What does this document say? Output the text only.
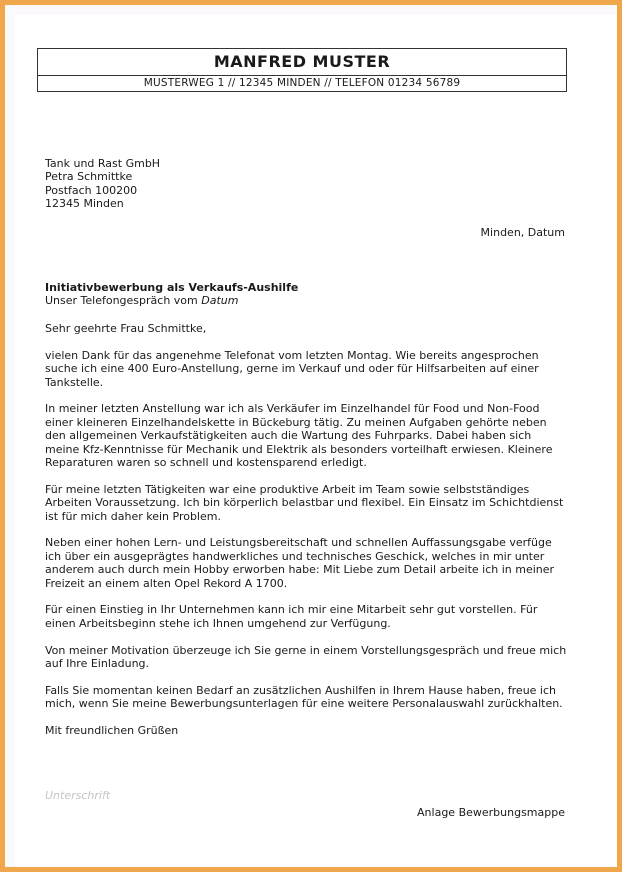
MANFRED MUSTER
MUSTERWEG 1 // 12345 MINDEN // TELEFON 01234 56789
Tank und Rast GmbH
Petra Schmittke
Postfach 100200
12345 Minden
Minden, Datum
Initiativbewerbung als Verkaufs-Aushilfe
Unser Telefongespräch vom Datum

Sehr geehrte Frau Schmittke,

vielen Dank für das angenehme Telefonat vom letzten Montag. Wie bereits angesprochen suche ich eine 400 Euro-Anstellung, gerne im Verkauf und oder für Hilfsarbeiten auf einer Tankstelle.

In meiner letzten Anstellung war ich als Verkäufer im Einzelhandel für Food und Non-Food einer kleineren Einzelhandelskette in Bückeburg tätig. Zu meinen Aufgaben gehörte neben den allgemeinen Verkaufstätigkeiten auch die Wartung des Fuhrparks. Dabei haben sich meine Kfz-Kenntnisse für Mechanik und Elektrik als besonders vorteilhaft erwiesen. Kleinere Reparaturen waren so schnell und kostensparend erledigt.

Für meine letzten Tätigkeiten war eine produktive Arbeit im Team sowie selbstständiges Arbeiten Voraussetzung. Ich bin körperlich belastbar und flexibel. Ein Einsatz im Schichtdienst ist für mich daher kein Problem.

Neben einer hohen Lern- und Leistungsbereitschaft und schnellen Auffassungsgabe verfüge ich über ein ausgeprägtes handwerkliches und technisches Geschick, welches in mir unter anderem auch durch mein Hobby erworben habe: Mit Liebe zum Detail arbeite ich in meiner Freizeit an einem alten Opel Rekord A 1700.

Für einen Einstieg in Ihr Unternehmen kann ich mir eine Mitarbeit sehr gut vorstellen. Für einen Arbeitsbeginn stehe ich Ihnen umgehend zur Verfügung.

Von meiner Motivation überzeuge ich Sie gerne in einem Vorstellungsgespräch und freue mich auf Ihre Einladung.

Falls Sie momentan keinen Bedarf an zusätzlichen Aushilfen in Ihrem Hause haben, freue ich mich, wenn Sie meine Bewerbungsunterlagen für eine weitere Personalauswahl zurückhalten.

Mit freundlichen Grüßen

Unterschrift
Anlage Bewerbungsmappe
